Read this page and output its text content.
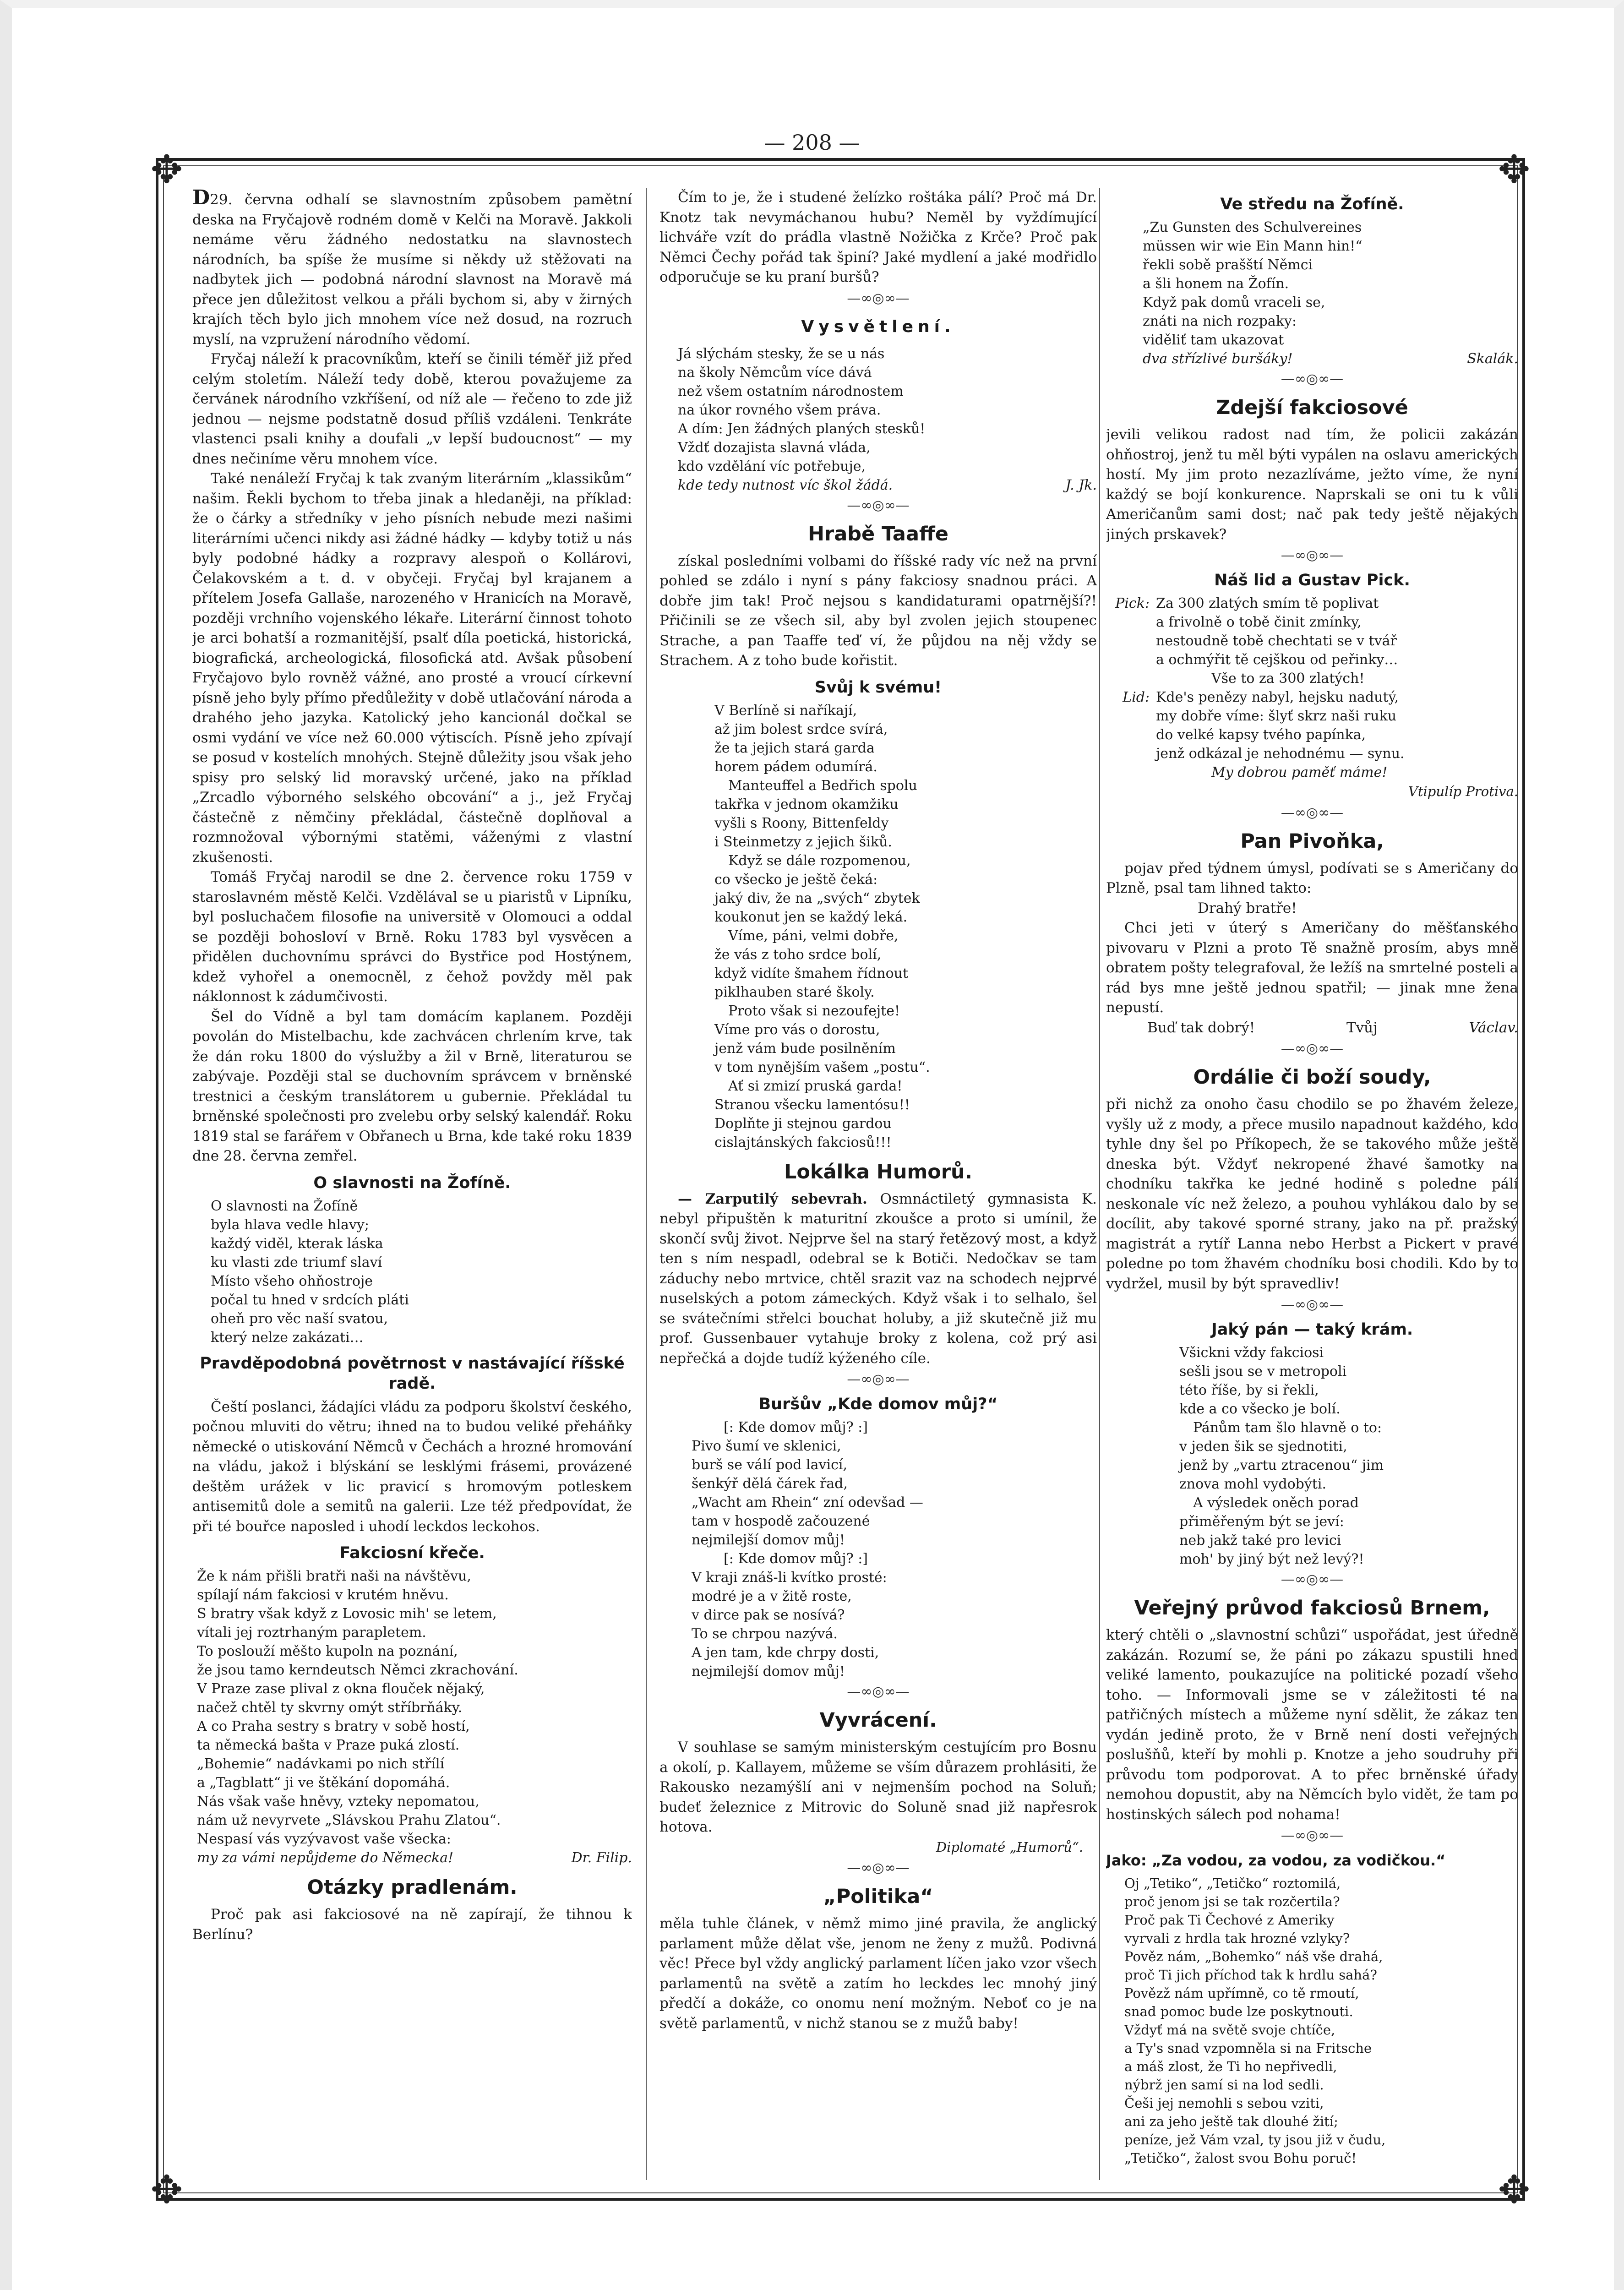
— 208 —
✥	✥
✥	✥

D29. června odhalí se slavnostním způsobem pamětní deska na Fryčajově rodném domě v Kelči na Moravě. Jakkoli nemáme věru žádného nedostatku na slavnostech národních, ba spíše že musíme si někdy už stěžovati na nadbytek jich — podobná národní slavnost na Moravě má přece jen důležitost velkou a přáli bychom si, aby v žirných krajích těch bylo jich mnohem více než dosud, na rozruch myslí, na vzpružení národního vědomí.

Fryčaj náleží k pracovníkům, kteří se činili téměř již před celým stoletím. Náleží tedy době, kterou považujeme za červánek národního vzkříšení, od níž ale — řečeno to zde již jednou — nejsme podstatně dosud příliš vzdáleni. Tenkráte vlastenci psali knihy a doufali „v lepší budoucnost“ — my dnes nečiníme věru mnohem více.

Také nenáleží Fryčaj k tak zvaným literárním „klassikům“ našim. Řekli bychom to třeba jinak a hledaněji, na příklad: že o čárky a středníky v jeho písních nebude mezi našimi literárními učenci nikdy asi žádné hádky — kdyby totiž u nás byly podobné hádky a rozpravy alespoň o Kollárovi, Čelakovském a t. d. v obyčeji. Fryčaj byl krajanem a přítelem Josefa Gallaše, narozeného v Hranicích na Moravě, později vrchního vojenského lékaře. Literární činnost tohoto je arci bohatší a rozmanitější, psalť díla poetická, historická, biografická, archeologická, filosofická atd. Avšak působení Fryčajovo bylo rovněž vážné, ano prosté a vroucí církevní písně jeho byly přímo předůležity v době utlačování národa a drahého jeho jazyka. Katolický jeho kancionál dočkal se osmi vydání ve více než 60.000 výtiscích. Písně jeho zpívají se posud v kostelích mnohých. Stejně důležity jsou však jeho spisy pro selský lid moravský určené, jako na příklad „Zrcadlo výborného selského obcování“ a j., jež Fryčaj částečně z němčiny překládal, částečně doplňoval a rozmnožoval výbornými statěmi, váženými z vlastní zkušenosti.

Tomáš Fryčaj narodil se dne 2. července roku 1759 v staroslavném městě Kelči. Vzdělával se u piaristů v Lipníku, byl posluchačem filosofie na universitě v Olomouci a oddal se později bohosloví v Brně. Roku 1783 byl vysvěcen a přidělen duchovnímu správci do Bystřice pod Hostýnem, kdež vyhořel a onemocněl, z čehož povždy měl pak náklonnost k zádumčivosti.

Šel do Vídně a byl tam domácím kaplanem. Později povolán do Mistelbachu, kde zachvácen chrlením krve, tak že dán roku 1800 do výslužby a žil v Brně, literaturou se zabývaje. Později stal se duchovním správcem v brněnské trestnici a českým translátorem u gubernie. Překládal tu brněnské společnosti pro zvelebu orby selský kalendář. Roku 1819 stal se farářem v Obřanech u Brna, kde také roku 1839 dne 28. června zemřel.

O slavnosti na Žofíně.
O slavnosti na Žofíně
byla hlava vedle hlavy;
každý viděl, kterak láska
ku vlasti zde triumf slaví
Místo všeho ohňostroje
počal tu hned v srdcích pláti
oheň pro věc naší svatou,
který nelze zakázati…
Pravděpodobná povětrnost v nastávající říšské radě.

Čeští poslanci, žádajíci vládu za podporu školství českého, počnou mluviti do větru; ihned na to budou veliké přeháňky německé o utiskování Němců v Čechách a hrozné hromování na vládu, jakož i blýskání se lesklými frásemi, provázené deštěm urážek v lic pravicí s hromovým potleskem antisemitů dole a semitů na galerii. Lze též předpovídat, že při té bouřce naposled i uhodí leckdos leckohos.

Fakciosní křeče.
Že k nám přišli bratři naši na návštěvu,
spílají nám fakciosi v krutém hněvu.
S bratry však když z Lovosic mih' se letem,
vítali jej roztrhaným parapletem.
To poslouží měšto kupoln na poznání,
že jsou tamo kerndeutsch Němci zkrachování.
V Praze zase plival z okna flouček nějaký,
načež chtěl ty skvrny omýt stříbrňáky.
A co Praha sestry s bratry v sobě hostí,
ta německá bašta v Praze puká zlostí.
„Bohemie“ nadávkami po nich střílí
a „Tagblatt“ ji ve štěkání dopomáhá.
Nás však vaše hněvy, vztеky nepomatou,
nám už nevyrvete „Slávskou Prahu Zlatou“.
Nespasí vás vyzývavost vaše všecka:
my za vámi nepůjdeme do Německa!	Dr. Filip.
Otázky pradlenám.

Proč pak asi fakciosové na ně zapírají, že tihnou k Berlínu?

Čím to je, že i studené želízko roštáka pálí? Proč má Dr. Knotz tak nevymáchanou hubu? Neměl by vyždímující lichváře vzít do prádla vlastně Nožička z Krče? Proč pak Němci Čechy pořád tak špiní? Jaké mydlení a jaké modřidlo odporučuje se ku praní buršů?

—∞◎∞—
Vysvětlení.
Já slýchám stesky, že se u nás
na školy Němcům více dává
než všem ostatním národnostem
na úkor rovného všem práva.
A dím: Jen žádných planých stesků!
Vždť dozajista slavná vláda,
kdo vzdělání víc potřebuje,
kde tedy nutnost víc škol žádá.	J. Jk.
—∞◎∞—
Hrabě Taaffe

získal posledními volbami do říšské rady víc než na první pohled se zdálo i nyní s pány fakciosy snadnou práci. A dobře jim tak! Proč nejsou s kandidaturami opatrnější?! Přičinili se ze všech sil, aby byl zvolen jejich stoupenec Strache, a pan Taaffe teď ví, že půjdou na něj vždy se Strachem. A z toho bude kořistit.

Svůj k svému!
V Berlíně si naříkají,
až jim bolest srdce svírá,
že ta jejich stará garda
horem pádem odumírá.
Manteuffel a Bedřich spolu
takřka v jednom okamžiku
vyšli s Roony, Bittenfeldy
i Steinmetzy z jejich šiků.
Když se dále rozpomenou,
co všecko je ještě čeká:
jaký div, že na „svých“ zbytek
koukonut jen se každý leká.
Víme, páni, velmi dobře,
že vás z toho srdce bolí,
když vidíte šmahem řídnout
piklhauben staré školy.
Proto však si nezoufejte!
Víme pro vás o dorostu,
jenž vám bude posilněním
v tom nynějším vašem „postu“.
Ať si zmizí pruská garda!
Stranou všecku lamentósu!!
Doplňte ji stejnou gardou
cislajtánských fakciosů!!!
Lokálka Humorů.

— Zarputilý sebevrah. Osmnáctiletý gymnasista K. nebyl připuštěn k maturitní zkoušce a proto si umínil, že skončí svůj život. Nejprve šel na starý řetězový most, a když ten s ním nespadl, odebral se k Botiči. Nedočkav se tam záduchy nebo mrtvice, chtěl srazit vaz na schodech nejprvé nuselských a potom zámeckých. Když však i to selhalo, šel se svátečními střelci bouchat holuby, a již skutečně již mu prof. Gussenbauer vytahuje broky z kolena, což prý asi nepřečká a dojde tudíž kýženého cíle.

—∞◎∞—
Buršův „Kde domov můj?“
[: Kde domov můj? :]
Pivo šumí ve sklenici,
burš se válí pod lavicí,
šenkýř dělá čárek řad,
„Wacht am Rhein“ zní odevšad —
tam v hospodě začouzené
nejmilejší domov můj!
[: Kde domov můj? :]
V kraji znáš-li kvítko prosté:
modré je a v žitě roste,
v dirce pak se nosívá?
To se chrpou nazývá.
A jen tam, kde chrpy dosti,
nejmilejší domov můj!
—∞◎∞—
Vyvrácení.

V souhlase se samým ministerským cestujícím pro Bosnu a okolí, p. Kallayem, můžeme se vším důrazem prohlásiti, že Rakousko nezamýšlí ani v nejmenším pochod na Soluň; budeť železnice z Mitrovic do Soluně snad již napřesrok hotova.

Diplomaté „Humorů“.
—∞◎∞—
„Politika“

měla tuhle článek, v němž mimo jiné pravila, že anglický parlament může dělat vše, jenom ne ženy z mužů. Podivná věc! Přece byl vždy anglický parlament líčen jako vzor všech parlamentů na světě a zatím ho leckdes lec mnohý jiný předčí a dokáže, co onomu není možným. Neboť co je na světě parlamentů, v nichž stanou se z mužů baby!

Ve středu na Žofíně.
„Zu Gunsten des Schulvereines
müssen wir wie Ein Mann hin!“
řekli sobě prašští Němci
a šli honem na Žofín.
Když pak domů vraceli se,
znáti na nich rozpaky:
viděliť tam ukazovat
dva střízlivé buršáky!	Skalák.
—∞◎∞—
Zdejší fakciosové

jevili velikou radost nad tím, že policii zakázán ohňostroj, jenž tu měl býti vypálen na oslavu amerických hostí. My jim proto nezazlíváme, ježto víme, že nyní každý se bojí konkurence. Naprskali se oni tu k vůli Američanům sami dost; nač pak tedy ještě nějakých jiných prskavek?

—∞◎∞—
Náš lid a Gustav Pick.
Pick: Za 300 zlatých smím tě poplivat
a frivolně o tobě činit zmínky,
nestoudně tobě chechtati se v tvář
a ochmýřit tě cejškou od peřinky…
Vše to za 300 zlatých!
Lid: Kde's penězy nabyl, hejsku nadutý,
my dobře víme: šlyť skrz naši ruku
do velké kapsy tvého papínka,
jenž odkázal je nehodnému — synu.
My dobrou paměť máme!
Vtipulíp Protiva.
—∞◎∞—
Pan Pivoňka,

pojav před týdnem úmysl, podívati se s Američany do Plzně, psal tam lihned takto:

Drahý bratře!

Chci jeti v úterý s Američany do měšťanského pivovaru v Plzni a proto Tě snažně prosím, abys mně obratem pošty telegrafoval, že ležíš na smrtelné posteli a rád bys mne ještě jednou spatřil; — jinak mne žena nepustí.

Buď tak dobrý!	Tvůj	Václav.
—∞◎∞—
Ordálie či boží soudy,

při nichž za onoho času chodilo se po žhavém železe, vyšly už z mody, a přece musilo napadnout každého, kdo tyhle dny šel po Příkopech, že se takového může ještě dneska být. Vždyť nekropené žhavé šamotky na chodníku takřka ke jedné hodině s poledne pálí neskonale víc než železo, a pouhou vyhlákou dalo by se docílit, aby takové sporné strany, jako na př. pražský magistrát a rytíř Lanna nebo Herbst a Pickert v pravé poledne po tom žhavém chodníku bosi chodili. Kdo by to vydržel, musil by být spravedliv!

—∞◎∞—
Jaký pán — taký krám.
Všickni vždy fakciosi
sešli jsou se v metropoli
této říše, by si řekli,
kde a co všecko je bolí.
Pánům tam šlo hlavně o to:
v jeden šik se sjednotiti,
jenž by „vartu ztracenou“ jim
znova mohl vydobýti.
A výsledek oněch porad
přiměřeným být se jeví:
neb jakž také pro levici
moh' by jiný být než levý?!
—∞◎∞—
Veřejný průvod fakciosů Brnem,

který chtěli o „slavnostní schůzi“ uspořádat, jest úředně zakázán. Rozumí se, že páni po zákazu spustili hned veliké lamento, poukazujíce na politické pozadí všeho toho. — Informovali jsme se v záležitosti té na patřičných místech a můžeme nyní sdělit, že zákaz ten vydán jedině proto, že v Brně není dosti veřejných poslušňů, kteří by mohli p. Knotze a jeho soudruhy při průvodu tom podporovat. A to přec brněnské úřady nemohou dopustit, aby na Němcích bylo vidět, že tam po hostinských sálech pod nohama!

—∞◎∞—
Jako: „Za vodou, za vodou, za vodičkou.“
Oj „Tetiko“, „Tetičko“ roztomilá,
proč jenom jsi se tak rozčertila?
Proč pak Ti Čechové z Ameriky
vyrvali z hrdla tak hrozné vzlyky?
Pověz nám, „Bohemko“ náš vše drahá,
proč Ti jich příchod tak k hrdlu sahá?
Povězž nám upřímně, co tě rmoutí,
snad pomoc bude lze poskytnouti.
Vždyť má na světě svoje chtíče,
a Ty's snad vzpomněla si na Fritsche
a máš zlost, že Ti ho nepřivedli,
nýbrž jen samí si na lod sedli.
Češi jej nemohli s sebou vziti,
ani za jeho ještě tak dlouhé žití;
peníze, jež Vám vzal, ty jsou již v čudu,
„Tetičko“, žalost svou Bohu poruč!
